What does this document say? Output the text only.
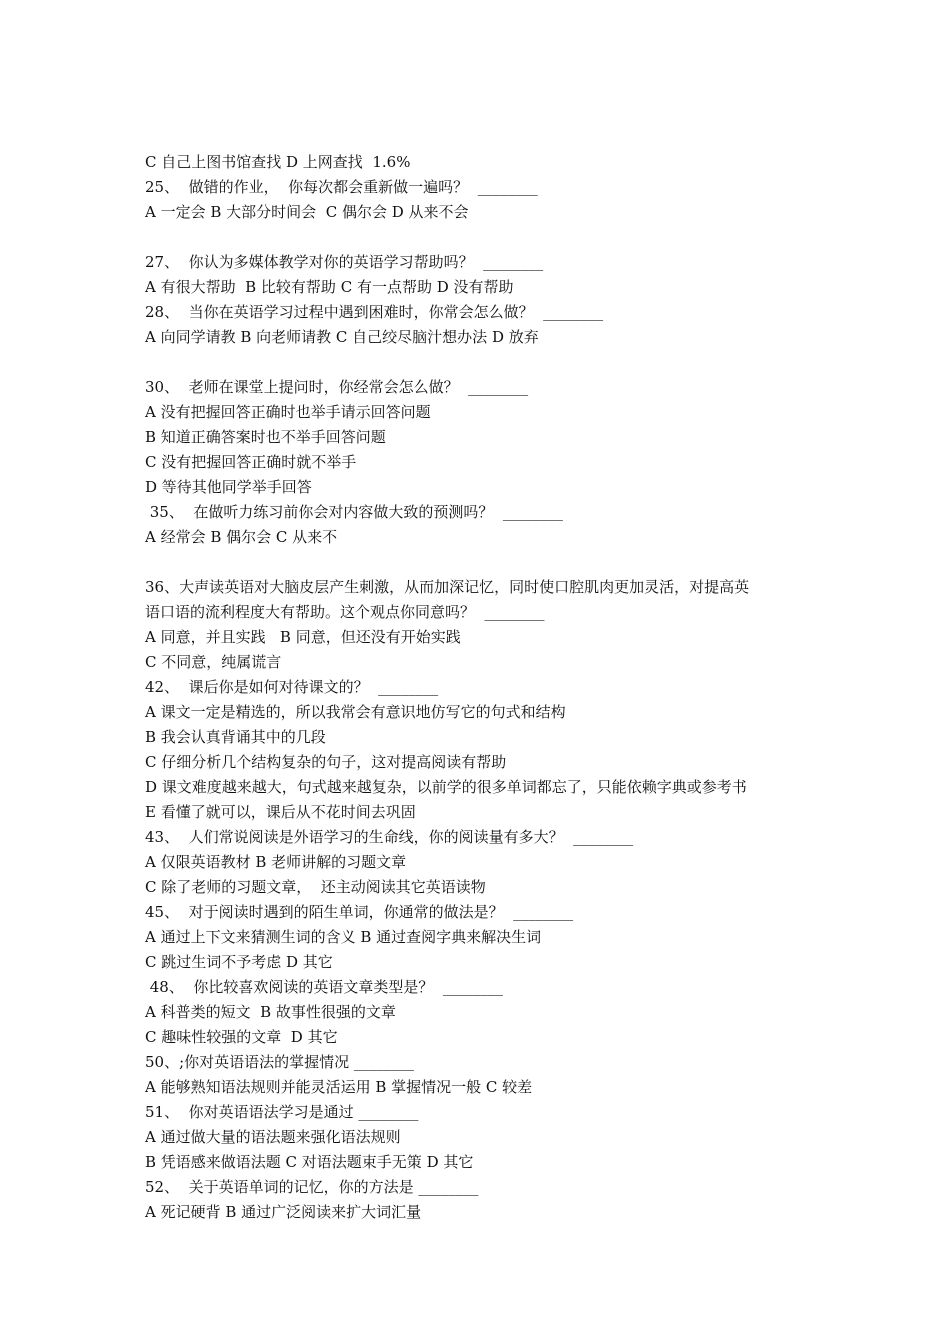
C 自己上图书馆查找 D 上网查找  1.6%
25、  做错的作业，  你每次都会重新做一遍吗？  ________
A 一定会 B 大部分时间会  C 偶尔会 D 从来不会
27、  你认为多媒体教学对你的英语学习帮助吗？  ________
A 有很大帮助  B 比较有帮助 C 有一点帮助 D 没有帮助
28、  当你在英语学习过程中遇到困难时，你常会怎么做？  ________
A 向同学请教 B 向老师请教 C 自己绞尽脑汁想办法 D 放弃
30、  老师在课堂上提问时，你经常会怎么做？  ________
A 没有把握回答正确时也举手请示回答问题
B 知道正确答案时也不举手回答问题
C 没有把握回答正确时就不举手
D 等待其他同学举手回答
35、  在做听力练习前你会对内容做大致的预测吗？  ________
A 经常会 B 偶尔会 C 从来不
36、大声读英语对大脑皮层产生刺激，从而加深记忆，同时使口腔肌肉更加灵活，对提高英
语口语的流利程度大有帮助。这个观点你同意吗？  ________
A 同意，并且实践   B 同意，但还没有开始实践
C 不同意，纯属谎言
42、  课后你是如何对待课文的？  ________
A 课文一定是精选的，所以我常会有意识地仿写它的句式和结构
B 我会认真背诵其中的几段
C 仔细分析几个结构复杂的句子，这对提高阅读有帮助
D 课文难度越来越大，句式越来越复杂，以前学的很多单词都忘了，只能依赖字典或参考书
E 看懂了就可以，课后从不花时间去巩固
43、  人们常说阅读是外语学习的生命线，你的阅读量有多大？  ________
A 仅限英语教材 B 老师讲解的习题文章
C 除了老师的习题文章，  还主动阅读其它英语读物
45、  对于阅读时遇到的陌生单词，你通常的做法是？  ________
A 通过上下文来猜测生词的含义 B 通过查阅字典来解决生词
C 跳过生词不予考虑 D 其它
48、  你比较喜欢阅读的英语文章类型是？  ________
A 科普类的短文  B 故事性很强的文章
C 趣味性较强的文章  D 其它
50、;你对英语语法的掌握情况 ________
A 能够熟知语法规则并能灵活运用 B 掌握情况一般 C 较差
51、  你对英语语法学习是通过 ________
A 通过做大量的语法题来强化语法规则
B 凭语感来做语法题 C 对语法题束手无策 D 其它
52、  关于英语单词的记忆，你的方法是 ________
A 死记硬背 B 通过广泛阅读来扩大词汇量
